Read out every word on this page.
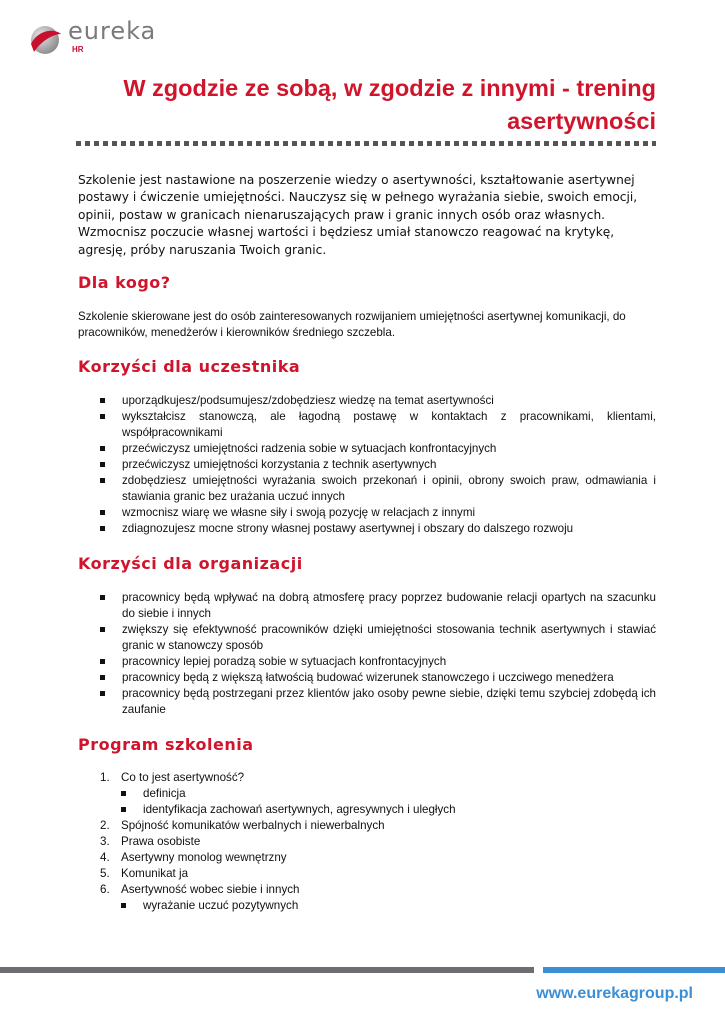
eureka
HR
W zgodzie ze sobą, w zgodzie z innymi - trening asertywności

Szkolenie jest nastawione na poszerzenie wiedzy o asertywności, kształtowanie asertywnej postawy i ćwiczenie umiejętności. Nauczysz się w pełnego wyrażania siebie, swoich emocji, opinii, postaw w granicach nienaruszających praw i granic innych osób oraz własnych. Wzmocnisz poczucie własnej wartości i będziesz umiał stanowczo reagować na krytykę, agresję, próby naruszania Twoich granic.

Dla kogo?

Szkolenie skierowane jest do osób zainteresowanych rozwijaniem umiejętności asertywnej komunikacji, do pracowników, menedżerów i kierowników średniego szczebla.

Korzyści dla uczestnika
uporządkujesz/podsumujesz/zdobędziesz wiedzę na temat asertywności
wykształcisz stanowczą, ale łagodną postawę w kontaktach z pracownikami, klientami, współpracownikami
przećwiczysz umiejętności radzenia sobie w sytuacjach konfrontacyjnych
przećwiczysz umiejętności korzystania z technik asertywnych
zdobędziesz umiejętności wyrażania swoich przekonań i opinii, obrony swoich praw, odmawiania i stawiania granic bez urażania uczuć innych
wzmocnisz wiarę we własne siły i swoją pozycję w relacjach z innymi
zdiagnozujesz mocne strony własnej postawy asertywnej i obszary do dalszego rozwoju
Korzyści dla organizacji
pracownicy będą wpływać na dobrą atmosferę pracy poprzez budowanie relacji opartych na szacunku do siebie i innych
zwiększy się efektywność pracowników dzięki umiejętności stosowania technik asertywnych i stawiać granic w stanowczy sposób
pracownicy lepiej poradzą sobie w sytuacjach konfrontacyjnych
pracownicy będą z większą łatwością budować wizerunek stanowczego i uczciwego menedżera
pracownicy będą postrzegani przez klientów jako osoby pewne siebie, dzięki temu szybciej zdobędą ich zaufanie
Program szkolenia
1. Co to jest asertywność?
definicja
identyfikacja zachowań asertywnych, agresywnych i uległych
2. Spójność komunikatów werbalnych i niewerbalnych
3. Prawa osobiste
4. Asertywny monolog wewnętrzny
5. Komunikat ja
6. Asertywność wobec siebie i innych
wyrażanie uczuć pozytywnych
www.eurekagroup.pl
